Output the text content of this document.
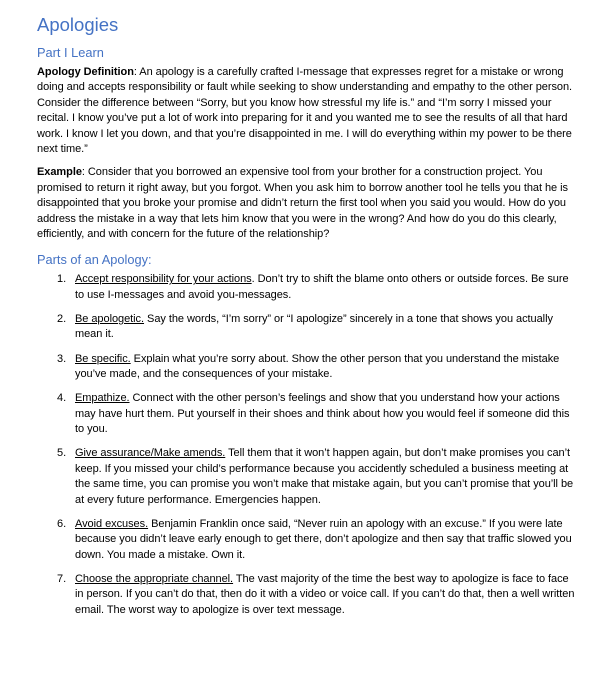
Apologies
Part I Learn

Apology Definition: An apology is a carefully crafted I-message that expresses regret for a mistake or wrong doing and accepts responsibility or fault while seeking to show understanding and empathy to the other person. Consider the difference between “Sorry, but you know how stressful my life is.” and “I’m sorry I missed your recital. I know you’ve put a lot of work into preparing for it and you wanted me to see the results of all that hard work. I know I let you down, and that you’re disappointed in me. I will do everything within my power to be there next time.”

Example: Consider that you borrowed an expensive tool from your brother for a construction project. You promised to return it right away, but you forgot. When you ask him to borrow another tool he tells you that he is disappointed that you broke your promise and didn’t return the first tool when you said you would. How do you address the mistake in a way that lets him know that you were in the wrong? And how do you do this clearly, efficiently, and with concern for the future of the relationship?

Parts of an Apology:
1. Accept responsibility for your actions. Don’t try to shift the blame onto others or outside forces. Be sure to use I-messages and avoid you-messages.
2. Be apologetic. Say the words, “I’m sorry” or “I apologize” sincerely in a tone that shows you actually mean it.
3. Be specific. Explain what you’re sorry about. Show the other person that you understand the mistake you’ve made, and the consequences of your mistake.
4. Empathize. Connect with the other person’s feelings and show that you understand how your actions may have hurt them. Put yourself in their shoes and think about how you would feel if someone did this to you.
5. Give assurance/Make amends. Tell them that it won’t happen again, but don’t make promises you can’t keep. If you missed your child’s performance because you accidently scheduled a business meeting at the same time, you can promise you won’t make that mistake again, but you can’t promise that you’ll be at every future performance. Emergencies happen.
6. Avoid excuses. Benjamin Franklin once said, “Never ruin an apology with an excuse.” If you were late because you didn’t leave early enough to get there, don’t apologize and then say that traffic slowed you down. You made a mistake. Own it.
7. Choose the appropriate channel. The vast majority of the time the best way to apologize is face to face in person. If you can’t do that, then do it with a video or voice call. If you can’t do that, then a well written email. The worst way to apologize is over text message.
